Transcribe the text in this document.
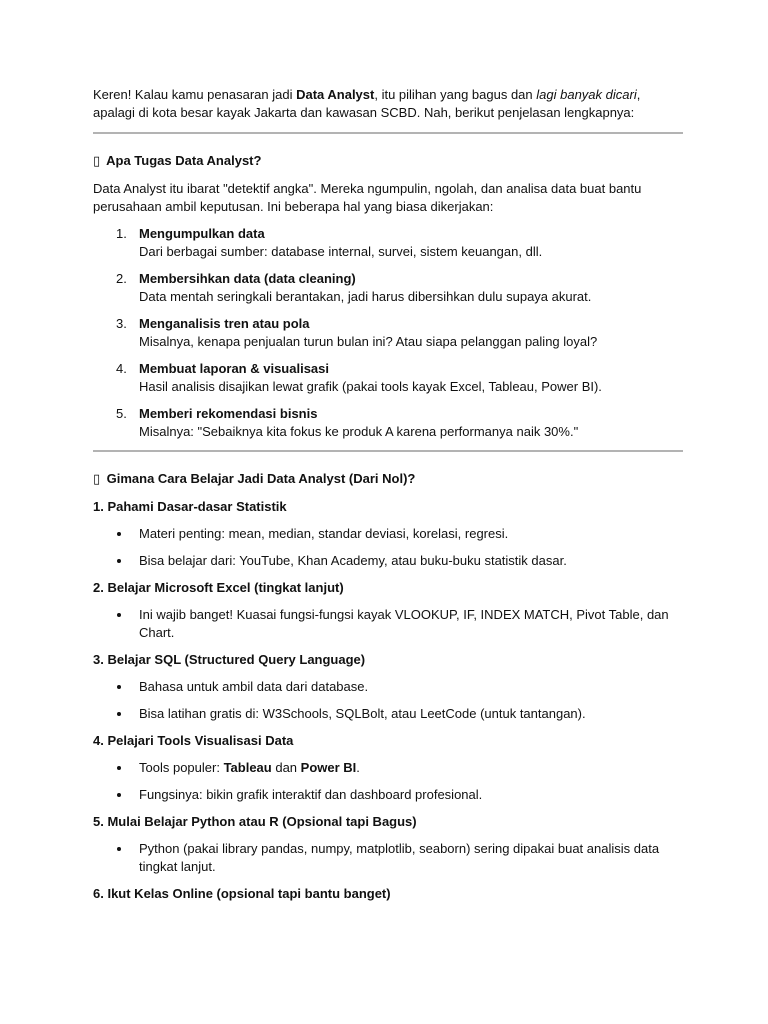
Keren! Kalau kamu penasaran jadi Data Analyst, itu pilihan yang bagus dan lagi banyak dicari, apalagi di kota besar kayak Jakarta dan kawasan SCBD. Nah, berikut penjelasan lengkapnya:

▯ Apa Tugas Data Analyst?

Data Analyst itu ibarat "detektif angka". Mereka ngumpulin, ngolah, dan analisa data buat bantu perusahaan ambil keputusan. Ini beberapa hal yang biasa dikerjakan:

1. Mengumpulkan data
Dari berbagai sumber: database internal, survei, sistem keuangan, dll.
2. Membersihkan data (data cleaning)
Data mentah seringkali berantakan, jadi harus dibersihkan dulu supaya akurat.
3. Menganalisis tren atau pola
Misalnya, kenapa penjualan turun bulan ini? Atau siapa pelanggan paling loyal?
4. Membuat laporan & visualisasi
Hasil analisis disajikan lewat grafik (pakai tools kayak Excel, Tableau, Power BI).
5. Memberi rekomendasi bisnis
Misalnya: "Sebaiknya kita fokus ke produk A karena performanya naik 30%."

▯ Gimana Cara Belajar Jadi Data Analyst (Dari Nol)?

1. Pahami Dasar-dasar Statistik

Materi penting: mean, median, standar deviasi, korelasi, regresi.
Bisa belajar dari: YouTube, Khan Academy, atau buku-buku statistik dasar.

2. Belajar Microsoft Excel (tingkat lanjut)

Ini wajib banget! Kuasai fungsi-fungsi kayak VLOOKUP, IF, INDEX MATCH, Pivot Table, dan Chart.

3. Belajar SQL (Structured Query Language)

Bahasa untuk ambil data dari database.
Bisa latihan gratis di: W3Schools, SQLBolt, atau LeetCode (untuk tantangan).

4. Pelajari Tools Visualisasi Data

Tools populer: Tableau dan Power BI.
Fungsinya: bikin grafik interaktif dan dashboard profesional.

5. Mulai Belajar Python atau R (Opsional tapi Bagus)

Python (pakai library pandas, numpy, matplotlib, seaborn) sering dipakai buat analisis data tingkat lanjut.

6. Ikut Kelas Online (opsional tapi bantu banget)
